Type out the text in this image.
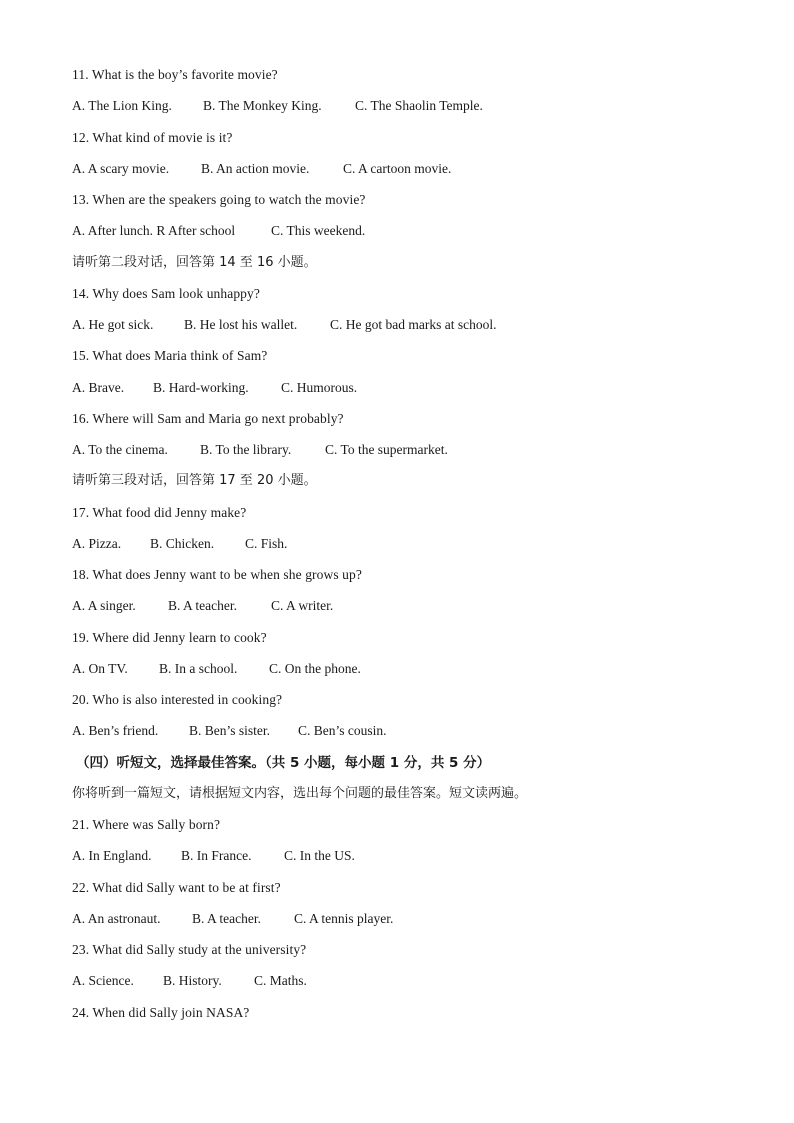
11. What is the boy’s favorite movie?
A. The Lion King. B. The Monkey King. C. The Shaolin Temple.
12. What kind of movie is it?
A. A scary movie. B. An action movie. C. A cartoon movie.
13. When are the speakers going to watch the movie?
A. After lunch. R After school	C. This weekend.
请听第二段对话，回答第 14 至 16 小题。
14. Why does Sam look unhappy?
A. He got sick. B. He lost his wallet. C. He got bad marks at school.
15. What does Maria think of Sam?
A. Brave. B. Hard-working. C. Humorous.
16. Where will Sam and Maria go next probably?
A. To the cinema. B. To the library. C. To the supermarket.
请听第三段对话，回答第 17 至 20 小题。
17. What food did Jenny make?
A. Pizza. B. Chicken. C. Fish.
18. What does Jenny want to be when she grows up?
A. A singer. B. A teacher.	C. A writer.
19. Where did Jenny learn to cook?
A. On TV. B. In a school. C. On the phone.
20. Who is also interested in cooking?
A. Ben’s friend. B. Ben’s sister. C. Ben’s cousin.
（四）听短文，选择最佳答案。（共 5 小题，每小题 1 分，共 5 分）
你将听到一篇短文，请根据短文内容，选出每个问题的最佳答案。短文读两遍。
21. Where was Sally born?
A. In England. B. In France. C. In the US.
22. What did Sally want to be at first?
A. An astronaut. B. A teacher. C. A tennis player.
23. What did Sally study at the university?
A. Science. B. History. C. Maths.
24. When did Sally join NASA?
